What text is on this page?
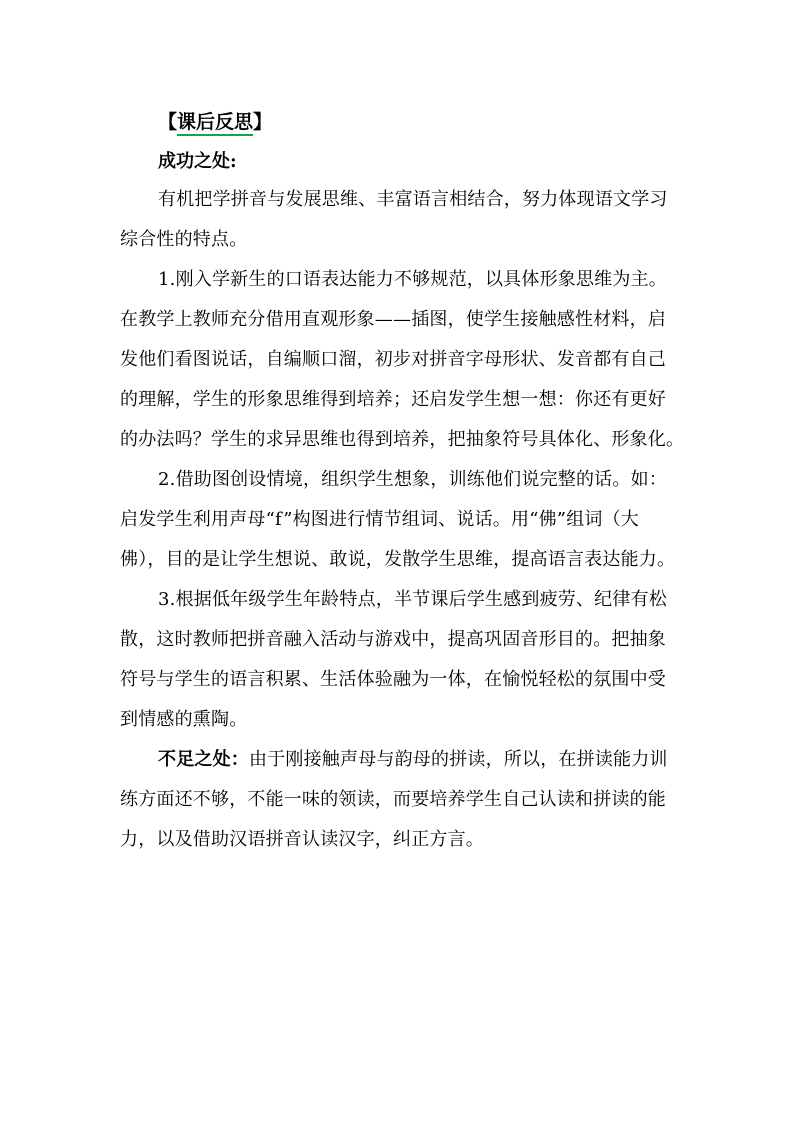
【课后反思】
成功之处:
有机把学拼音与发展思维、丰富语言相结合，努力体现语文学习
综合性的特点。
1.刚入学新生的口语表达能力不够规范，以具体形象思维为主。
在教学上教师充分借用直观形象——插图，使学生接触感性材料，启
发他们看图说话，自编顺口溜，初步对拼音字母形状、发音都有自己
的理解，学生的形象思维得到培养；还启发学生想一想：你还有更好
的办法吗？学生的求异思维也得到培养，把抽象符号具体化、形象化。
2.借助图创设情境，组织学生想象，训练他们说完整的话。如：
启发学生利用声母“f”构图进行情节组词、说话。用“佛”组词（大
佛），目的是让学生想说、敢说，发散学生思维，提高语言表达能力。
3.根据低年级学生年龄特点，半节课后学生感到疲劳、纪律有松
散，这时教师把拼音融入活动与游戏中，提高巩固音形目的。把抽象
符号与学生的语言积累、生活体验融为一体，在愉悦轻松的氛围中受
到情感的熏陶。
不足之处：由于刚接触声母与韵母的拼读，所以，在拼读能力训
练方面还不够，不能一味的领读，而要培养学生自己认读和拼读的能
力，以及借助汉语拼音认读汉字，纠正方言。
